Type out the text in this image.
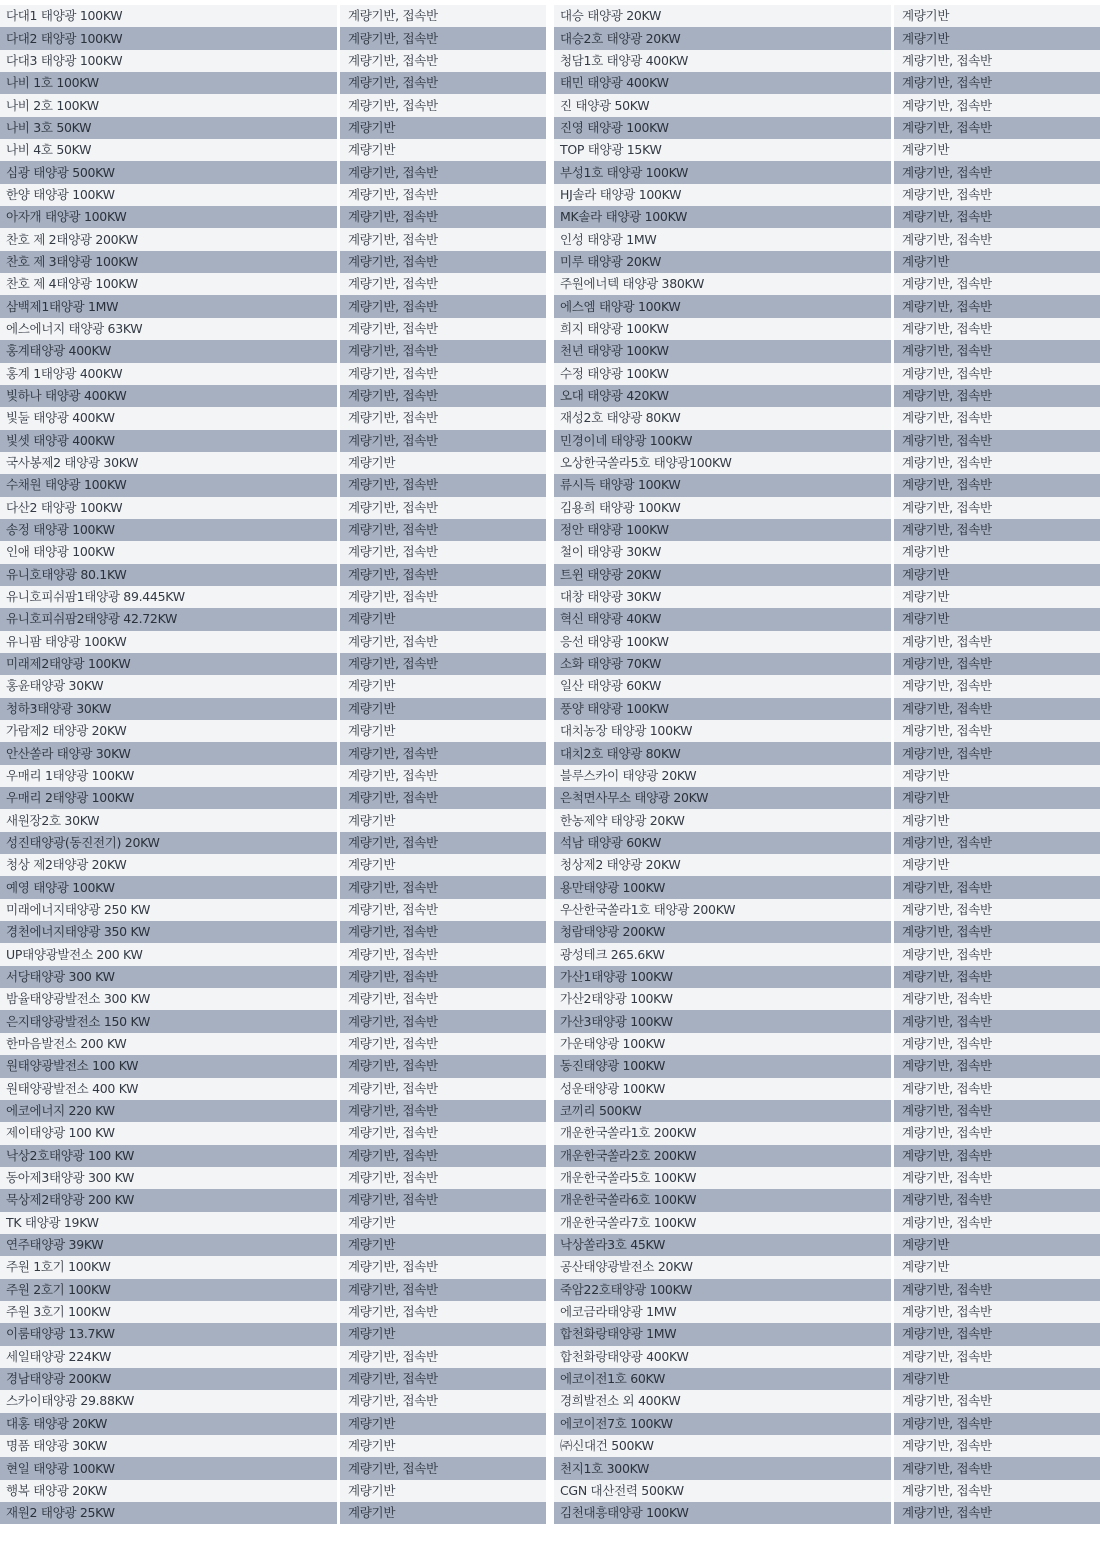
다대1 태양광 100KW	계량기반, 접속반
다대2 태양광 100KW	계량기반, 접속반
다대3 태양광 100KW	계량기반, 접속반
나비 1호 100KW	계량기반, 접속반
나비 2호 100KW	계량기반, 접속반
나비 3호 50KW	계량기반
나비 4호 50KW	계량기반
심광 태양광 500KW	계량기반, 접속반
한양 태양광 100KW	계량기반, 접속반
아자개 태양광 100KW	계량기반, 접속반
찬호 제 2태양광 200KW	계량기반, 접속반
찬호 제 3태양광 100KW	계량기반, 접속반
찬호 제 4태양광 100KW	계량기반, 접속반
삼백제1태양광 1MW	계량기반, 접속반
에스에너지 태양광 63KW	계량기반, 접속반
홍계태양광 400KW	계량기반, 접속반
홍계 1태양광 400KW	계량기반, 접속반
빛하나 태양광 400KW	계량기반, 접속반
빛둘 태양광 400KW	계량기반, 접속반
빛셋 태양광 400KW	계량기반, 접속반
국사봉제2 태양광 30KW	계량기반
수채원 태양광 100KW	계량기반, 접속반
다산2 태양광 100KW	계량기반, 접속반
송정 태양광 100KW	계량기반, 접속반
인애 태양광 100KW	계량기반, 접속반
유니호태양광 80.1KW	계량기반, 접속반
유니호피쉬팜1태양광 89.445KW	계량기반, 접속반
유니호피쉬팜2태양광 42.72KW	계량기반
유니팜 태양광 100KW	계량기반, 접속반
미래제2태양광 100KW	계량기반, 접속반
홍윤태양광 30KW	계량기반
청하3태양광 30KW	계량기반
가람제2 태양광 20KW	계량기반
안산쏠라 태양광 30KW	계량기반, 접속반
우매리 1태양광 100KW	계량기반, 접속반
우매리 2태양광 100KW	계량기반, 접속반
새원장2호 30KW	계량기반
성진태양광(동진전기) 20KW	계량기반, 접속반
청상 제2태양광 20KW	계량기반
예영 태양광 100KW	계량기반, 접속반
미래에너지태양광 250 KW	계량기반, 접속반
경천에너지태양광 350 KW	계량기반, 접속반
UP태양광발전소 200 KW	계량기반, 접속반
서당태양광 300 KW	계량기반, 접속반
밤율태양광발전소 300 KW	계량기반, 접속반
은지태양광발전소 150 KW	계량기반, 접속반
한마음발전소 200 KW	계량기반, 접속반
원태양광발전소 100 KW	계량기반, 접속반
원태양광발전소 400 KW	계량기반, 접속반
에코에너지 220 KW	계량기반, 접속반
제이태양광 100 KW	계량기반, 접속반
낙상2호태양광 100 KW	계량기반, 접속반
동아제3태양광 300 KW	계량기반, 접속반
묵상제2태양광 200 KW	계량기반, 접속반
TK 태양광 19KW	계량기반
연주태양광 39KW	계량기반
주원 1호기 100KW	계량기반, 접속반
주원 2호기 100KW	계량기반, 접속반
주원 3호기 100KW	계량기반, 접속반
이룸태양광 13.7KW	계량기반
세일태양광 224KW	계량기반, 접속반
경남태양광 200KW	계량기반, 접속반
스카이태양광 29.88KW	계량기반, 접속반
대홍 태양광 20KW	계량기반
명품 태양광 30KW	계량기반
현일 태양광 100KW	계량기반, 접속반
행복 태양광 20KW	계량기반
재원2 태양광 25KW	계량기반
대승 태양광 20KW	계량기반
대승2호 태양광 20KW	계량기반
청담1호 태양광 400KW	계량기반, 접속반
태민 태양광 400KW	계량기반, 접속반
진 태양광 50KW	계량기반, 접속반
진영 태양광 100KW	계량기반, 접속반
TOP 태양광 15KW	계량기반
부성1호 태양광 100KW	계량기반, 접속반
HJ솔라 태양광 100KW	계량기반, 접속반
MK솔라 태양광 100KW	계량기반, 접속반
인성 태양광 1MW	계량기반, 접속반
미루 태양광 20KW	계량기반
주원에너텍 태양광 380KW	계량기반, 접속반
에스엠 태양광 100KW	계량기반, 접속반
희지 태양광 100KW	계량기반, 접속반
천년 태양광 100KW	계량기반, 접속반
수정 태양광 100KW	계량기반, 접속반
오대 태양광 420KW	계량기반, 접속반
재성2호 태양광 80KW	계량기반, 접속반
민경이네 태양광 100KW	계량기반, 접속반
오상한국쏠라5호 태양광100KW	계량기반, 접속반
류시득 태양광 100KW	계량기반, 접속반
김용희 태양광 100KW	계량기반, 접속반
정안 태양광 100KW	계량기반, 접속반
철이 태양광 30KW	계량기반
트윈 태양광 20KW	계량기반
대창 태양광 30KW	계량기반
혁신 태양광 40KW	계량기반
응선 태양광 100KW	계량기반, 접속반
소화 태양광 70KW	계량기반, 접속반
일산 태양광 60KW	계량기반, 접속반
풍양 태양광 100KW	계량기반, 접속반
대치농장 태양광 100KW	계량기반, 접속반
대치2호 태양광 80KW	계량기반, 접속반
블루스카이 태양광 20KW	계량기반
은척면사무소 태양광 20KW	계량기반
한농제약 태양광 20KW	계량기반
석남 태양광 60KW	계량기반, 접속반
청상제2 태양광 20KW	계량기반
용만태양광 100KW	계량기반, 접속반
우산한국쏠라1호 태양광 200KW	계량기반, 접속반
청람태양광 200KW	계량기반, 접속반
광성테크 265.6KW	계량기반, 접속반
가산1태양광 100KW	계량기반, 접속반
가산2태양광 100KW	계량기반, 접속반
가산3태양광 100KW	계량기반, 접속반
가운태양광 100KW	계량기반, 접속반
동진태양광 100KW	계량기반, 접속반
성운태양광 100KW	계량기반, 접속반
코끼리 500KW	계량기반, 접속반
개운한국쏠라1호 200KW	계량기반, 접속반
개운한국쏠라2호 200KW	계량기반, 접속반
개운한국쏠라5호 100KW	계량기반, 접속반
개운한국쏠라6호 100KW	계량기반, 접속반
개운한국쏠라7호 100KW	계량기반, 접속반
낙상쏠라3호 45KW	계량기반
공산태양광발전소 20KW	계량기반
죽암22호태양광 100KW	계량기반, 접속반
에코금라태양광 1MW	계량기반, 접속반
합천화랑태양광 1MW	계량기반, 접속반
합천화랑태양광 400KW	계량기반, 접속반
에코이전1호 60KW	계량기반
경희발전소 외 400KW	계량기반, 접속반
에코이전7호 100KW	계량기반, 접속반
㈜신대건 500KW	계량기반, 접속반
천지1호 300KW	계량기반, 접속반
CGN 대산전력 500KW	계량기반, 접속반
김천대흥태양광 100KW	계량기반, 접속반
